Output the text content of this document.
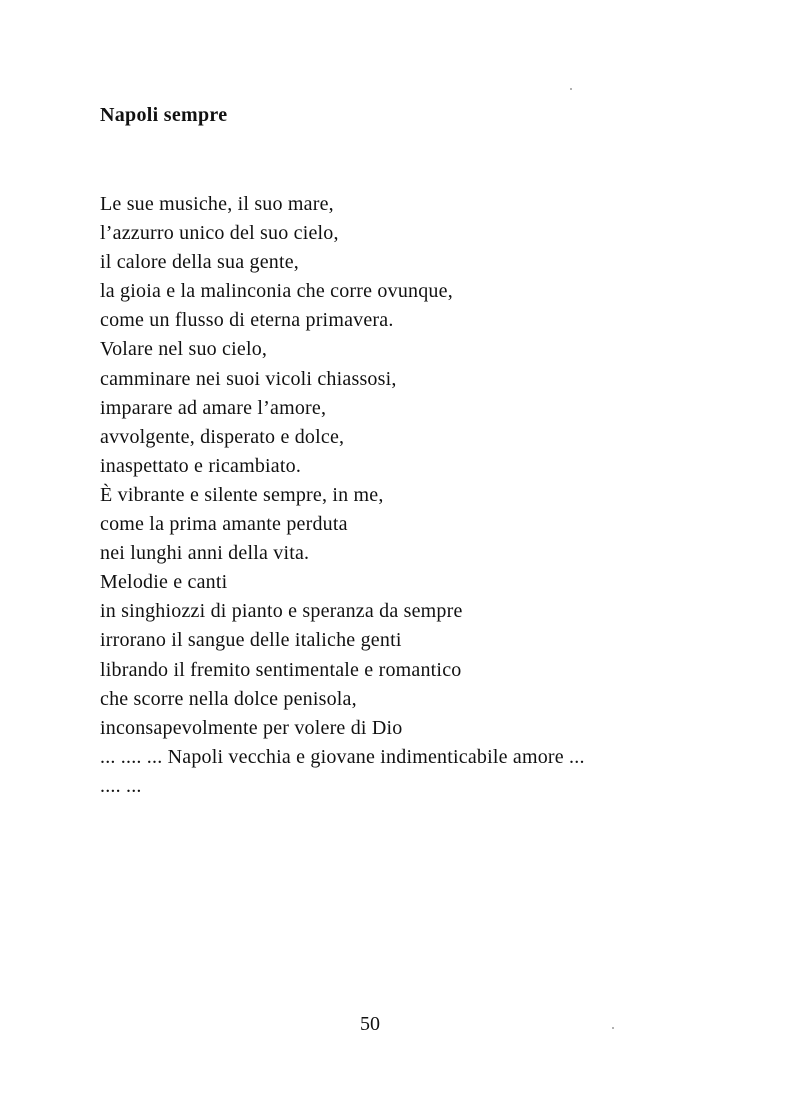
Napoli sempre
Le sue musiche, il suo mare,
l’azzurro unico del suo cielo,
il calore della sua gente,
la gioia e la malinconia che corre ovunque,
come un flusso di eterna primavera.
Volare nel suo cielo,
camminare nei suoi vicoli chiassosi,
imparare ad amare l’amore,
avvolgente, disperato e dolce,
inaspettato e ricambiato.
È vibrante e silente sempre, in me,
come la prima amante perduta
nei lunghi anni della vita.
Melodie e canti
in singhiozzi di pianto e speranza da sempre
irrorano il sangue delle italiche genti
librando il fremito sentimentale e romantico
che scorre nella dolce penisola,
inconsapevolmente per volere di Dio
... .... ... Napoli vecchia e giovane indimenticabile amore ...
.... ...
50
